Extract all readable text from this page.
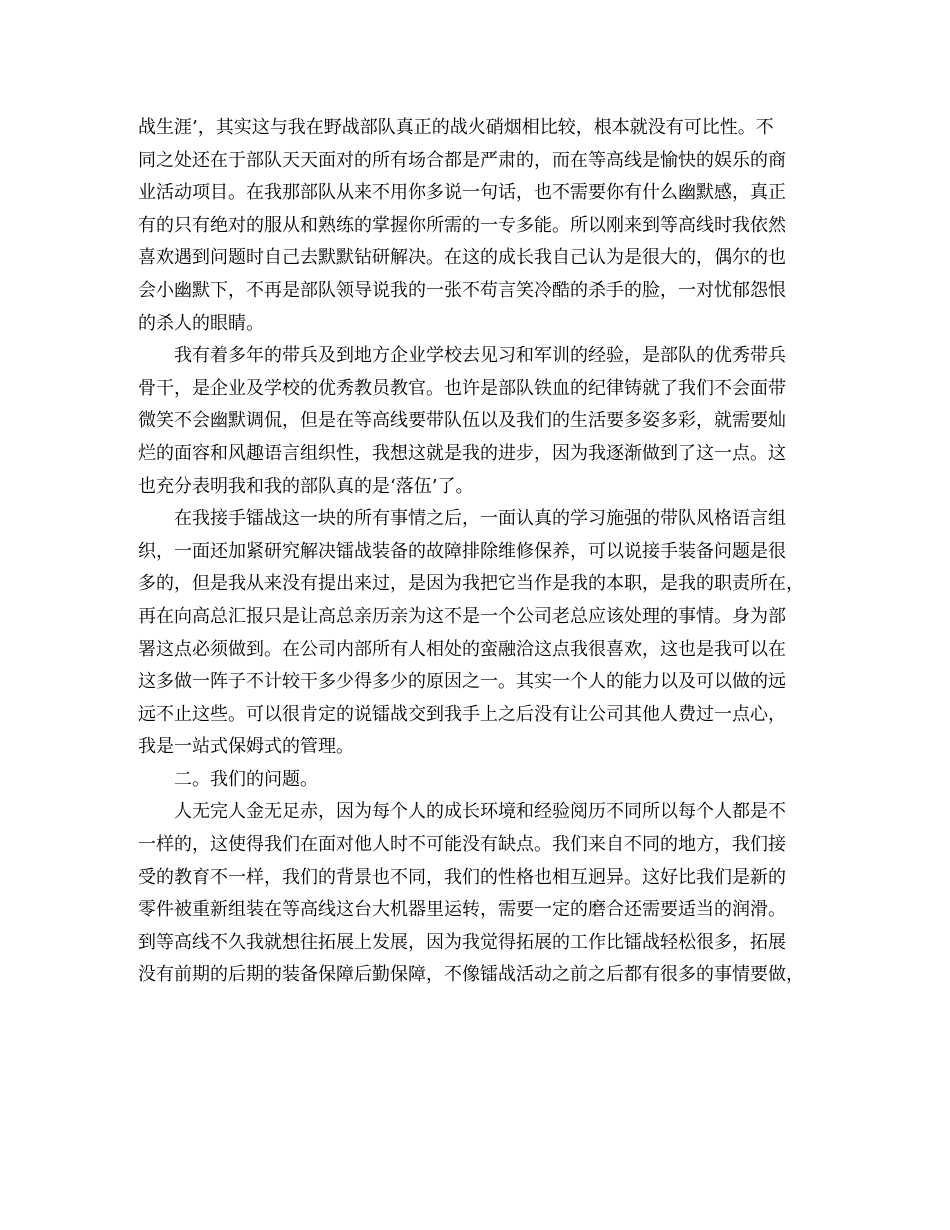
战生涯’，其实这与我在野战部队真正的战火硝烟相比较，根本就没有可比性。不
同之处还在于部队天天面对的所有场合都是严肃的，而在等高线是愉快的娱乐的商
业活动项目。在我那部队从来不用你多说一句话，也不需要你有什么幽默感，真正
有的只有绝对的服从和熟练的掌握你所需的一专多能。所以刚来到等高线时我依然
喜欢遇到问题时自己去默默钻研解决。在这的成长我自己认为是很大的，偶尔的也
会小幽默下，不再是部队领导说我的一张不苟言笑冷酷的杀手的脸，一对忧郁怨恨
的杀人的眼睛。

我有着多年的带兵及到地方企业学校去见习和军训的经验，是部队的优秀带兵
骨干，是企业及学校的优秀教员教官。也许是部队铁血的纪律铸就了我们不会面带
微笑不会幽默调侃，但是在等高线要带队伍以及我们的生活要多姿多彩，就需要灿
烂的面容和风趣语言组织性，我想这就是我的进步，因为我逐渐做到了这一点。这
也充分表明我和我的部队真的是‘落伍’了。

在我接手镭战这一块的所有事情之后，一面认真的学习施强的带队风格语言组
织，一面还加紧研究解决镭战装备的故障排除维修保养，可以说接手装备问题是很
多的，但是我从来没有提出来过，是因为我把它当作是我的本职，是我的职责所在，
再在向高总汇报只是让高总亲历亲为这不是一个公司老总应该处理的事情。身为部
署这点必须做到。在公司内部所有人相处的蛮融洽这点我很喜欢，这也是我可以在
这多做一阵子不计较干多少得多少的原因之一。其实一个人的能力以及可以做的远
远不止这些。可以很肯定的说镭战交到我手上之后没有让公司其他人费过一点心，
我是一站式保姆式的管理。

二。我们的问题。

人无完人金无足赤，因为每个人的成长环境和经验阅历不同所以每个人都是不
一样的，这使得我们在面对他人时不可能没有缺点。我们来自不同的地方，我们接
受的教育不一样，我们的背景也不同，我们的性格也相互迥异。这好比我们是新的
零件被重新组装在等高线这台大机器里运转，需要一定的磨合还需要适当的润滑。
到等高线不久我就想往拓展上发展，因为我觉得拓展的工作比镭战轻松很多，拓展
没有前期的后期的装备保障后勤保障，不像镭战活动之前之后都有很多的事情要做，
